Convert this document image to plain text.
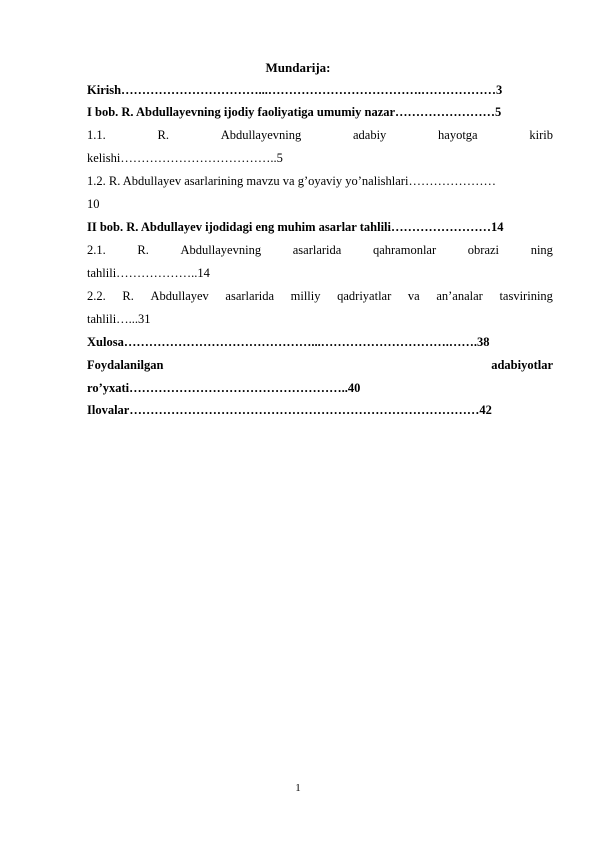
Mundarija:
Kirish……………………………...……………………………….………………3
I bob. R. Abdullayevning ijodiy faoliyatiga umumiy nazar……………………5
1.1.	R.	Abdullayevning	adabiy	hayotga	kirib
kelishi………………………………..5
1.2. R. Abdullayev asarlarining mavzu va g’oyaviy yo’nalishlari…………………
10
II bob. R. Abdullayev ijodidagi eng muhim asarlar tahlili……………………14
2.1.	R.	Abdullayevning	asarlarida	qahramonlar	obrazi	ning
tahlili………………..14
2.2. R. Abdullayev asarlarida milliy qadriyatlar va an’analar tasvirining
tahlili…...31
Xulosa………………………………………...………………………….…….38
Foydalanilgan	adabiyotlar
ro’yxati……………………………………………..40
Ilovalar…………………………………………………………………………42
1
